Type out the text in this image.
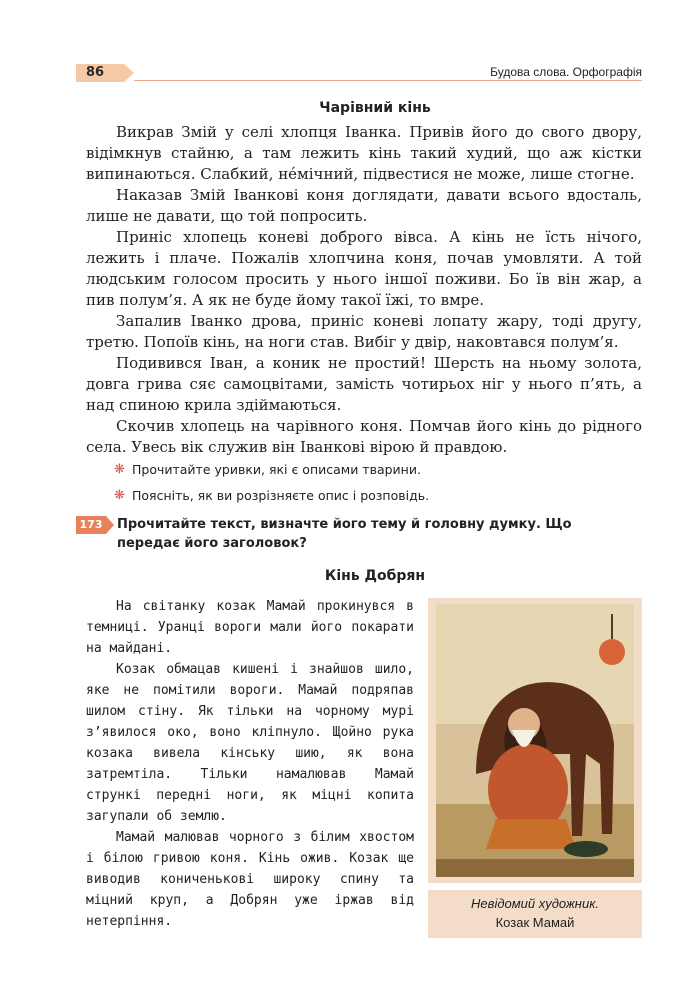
86	Будова слова. Орфографія
Чарівний кінь

Викрав Змій у селі хлопця Іванка. Привів його до свого двору, відімкнув стайню, а там лежить кінь такий худий, що аж кістки випинаються. Слабкий, нéмічний, підвестися не може, лише стогне.

Наказав Змій Іванкові коня доглядати, давати всього вдосталь, лише не давати, що той попросить.

Приніс хлопець коневі доброго вівса. А кінь не їсть нічого, лежить і плаче. Пожалів хлопчина коня, почав умовляти. А той людським голосом просить у нього іншої поживи. Бо їв він жар, а пив полум’я. А як не буде йому такої їжі, то вмре.

Запалив Іванко дрова, приніс коневі лопату жару, тоді другу, третю. Попоїв кінь, на ноги став. Вибіг у двір, наковтався полум’я.

Подивився Іван, а коник не простий! Шерсть на ньому золота, довга грива сяє самоцвітами, замість чотирьох ніг у нього п’ять, а над спиною крила здіймаються.

Скочив хлопець на чарівного коня. Помчав його кінь до рідного села. Увесь вік служив він Іванкові вірою й правдою.

❋ Прочитайте уривки, які є описами тварини.
❋ Поясніть, як ви розрізняєте опис і розповідь.
173 Прочитайте текст, визначте його тему й головну думку. Що передає його заголовок?
Кінь Добрян

На світанку козак Мамай прокинувся в темниці. Уранці вороги мали його покарати на майдані.

Козак обмацав кишені і знайшов шило, яке не помітили вороги. Мамай подряпав шилом стіну. Як тільки на чорному мурі з’явилося око, воно кліпнуло. Щойно рука козака вивела кінську шию, як вона затремтіла. Тільки намалював Мамай стрункі передні ноги, як міцні копита загупали об землю.

Мамай малював чорного з білим хвостом і білою гривою коня. Кінь ожив. Козак ще виводив кониченькові широку спину та міцний круп, а Добрян уже іржав від нетерпіння.

Невідомий художник.
Козак Мамай
